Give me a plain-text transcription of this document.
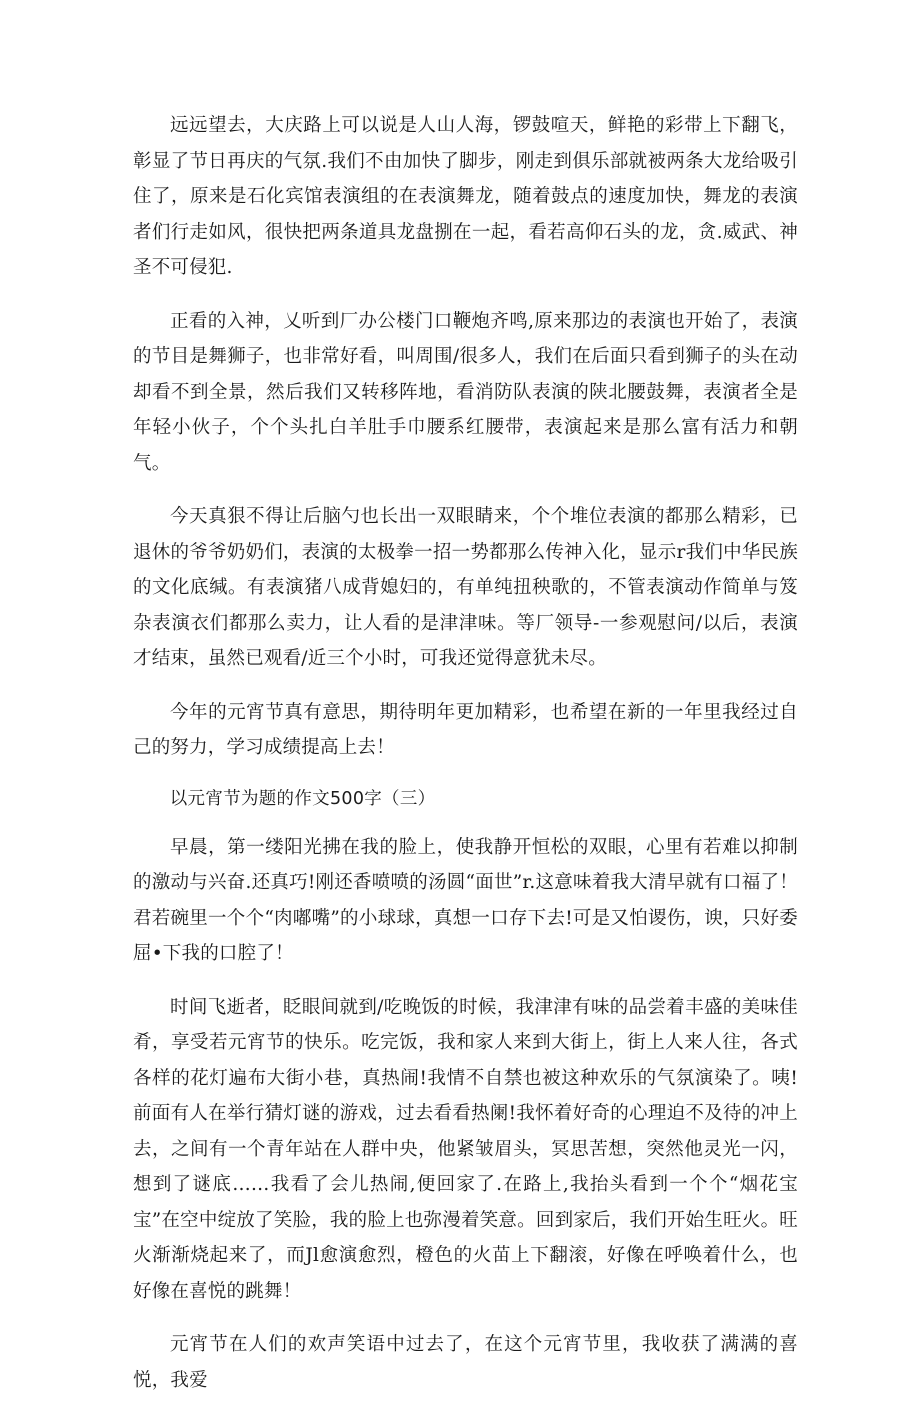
远远望去，大庆路上可以说是人山人海，锣鼓喧天，鲜艳的彩带上下翻飞，彰显了节日再庆的气氛.我们不由加快了脚步，刚走到俱乐部就被两条大龙给吸引住了，原来是石化宾馆表演组的在表演舞龙，随着鼓点的速度加快，舞龙的表演者们行走如风，很快把两条道具龙盘捌在一起，看若高仰石头的龙，贪.威武、神圣不可侵犯.

正看的入神，乂听到厂办公楼门口鞭炮齐鸣,原来那边的表演也开始了，表演的节目是舞狮子，也非常好看，叫周围/很多人，我们在后面只看到狮子的头在动却看不到全景，然后我们又转移阵地，看消防队表演的陕北腰鼓舞，表演者全是年轻小伙子，个个头扎白羊肚手巾腰系红腰带，表演起来是那么富有活力和朝气。

今天真狠不得让后脑勺也长出一双眼睛来，个个堆位表演的都那么精彩，已退休的爷爷奶奶们，表演的太极拳一招一势都那么传神入化，显示r我们中华民族的文化底缄。有表演猪八成背媳妇的，有单纯扭秧歌的，不管表演动作简单与笈杂表演衣们都那么卖力，让人看的是津津味。等厂领导-一参观慰问/以后，表演才结束，虽然已观看/近三个小时，可我还觉得意犹未尽。

今年的元宵节真有意思，期待明年更加精彩，也希望在新的一年里我经过自己的努力，学习成绩提高上去！

以元宵节为题的作文500字（三）

早晨，第一缕阳光拂在我的脸上，使我静开恒松的双眼，心里有若难以抑制的激动与兴奋.还真巧!刚还香喷喷的汤圆“面世”r.这意味着我大清早就有口福了！君若碗里一个个“肉嘟嘴”的小球球，真想一口存下去!可是又怕谡伤，谀，只好委屈•下我的口腔了！

时间飞逝者，眨眼间就到/吃晚饭的时候，我津津有味的品尝着丰盛的美味佳肴，享受若元宵节的快乐。吃完饭，我和家人来到大街上，街上人来人往，各式各样的花灯遍布大街小巷，真热闹!我情不自禁也被这种欢乐的气氛演染了。咦!前面有人在举行猜灯谜的游戏，过去看看热阑!我怀着好奇的心理迫不及待的冲上去，之间有一个青年站在人群中央，他紧皱眉头，冥思苦想，突然他灵光一闪，想到了谜底……我看了会儿热闹,便回家了.在路上,我抬头看到一个个“烟花宝宝”在空中绽放了笑脸，我的脸上也弥漫着笑意。回到家后，我们开始生旺火。旺火渐渐烧起来了，而Jl愈演愈烈，橙色的火苗上下翻滚，好像在呼唤着什么，也好像在喜悦的跳舞！

元宵节在人们的欢声笑语中过去了，在这个元宵节里，我收获了满满的喜悦，我爱
